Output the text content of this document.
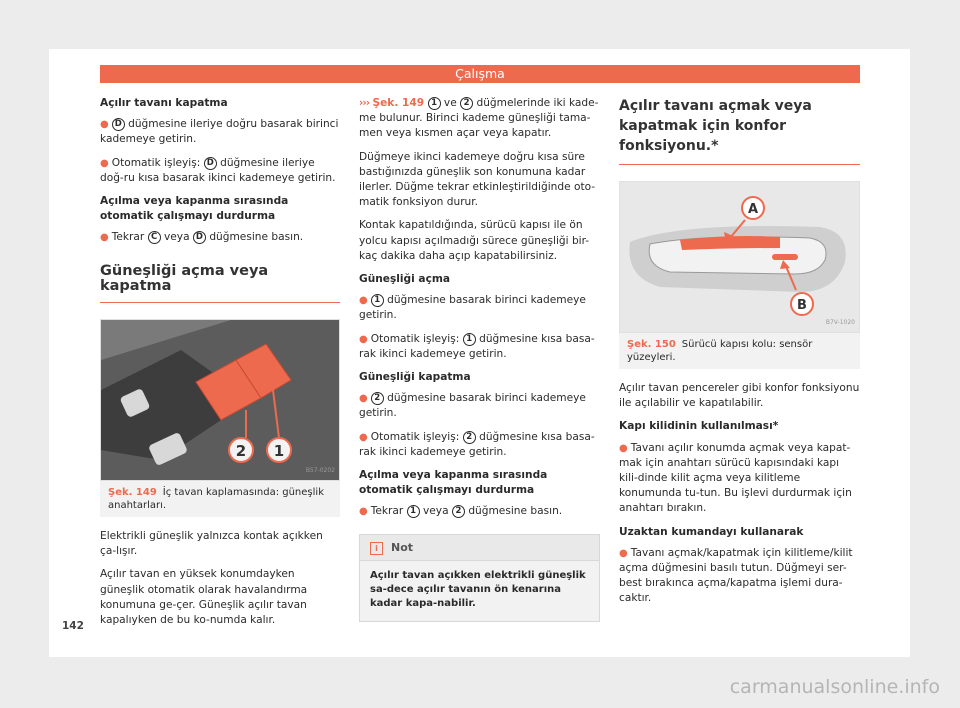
Çalışma

Açılır tavanı kapatma

● D düğmesine ileriye doğru basarak birinci kademeye getirin.

● Otomatik işleyiş: D düğmesine ileriye doğ-ru kısa basarak ikinci kademeye getirin.

Açılma veya kapanma sırasında otomatik çalışmayı durdurma

● Tekrar C veya D düğmesine basın.

Güneşliği açma veya kapatma
2 1
B57-0202
Şek. 149 İç tavan kaplamasında: güneşlik anahtarları.

Elektrikli güneşlik yalnızca kontak açıkken ça-lışır.

Açılır tavan en yüksek konumdayken güneşlik otomatik olarak havalandırma konumuna ge-çer. Güneşlik açılır tavan kapalıyken de bu ko-numda kalır.

››› Şek. 149 1 ve 2 düğmelerinde iki kade-me bulunur. Birinci kademe güneşliği tama-men veya kısmen açar veya kapatır.

Düğmeye ikinci kademeye doğru kısa süre bastığınızda güneşlik son konumuna kadar ilerler. Düğme tekrar etkinleştirildiğinde oto-matik fonksiyon durur.

Kontak kapatıldığında, sürücü kapısı ile ön yolcu kapısı açılmadığı sürece güneşliği bir-kaç dakika daha açıp kapatabilirsiniz.

Güneşliği açma

● 1 düğmesine basarak birinci kademeye getirin.

● Otomatik işleyiş: 1 düğmesine kısa basa-rak ikinci kademeye getirin.

Güneşliği kapatma

● 2 düğmesine basarak birinci kademeye getirin.

● Otomatik işleyiş: 2 düğmesine kısa basa-rak ikinci kademeye getirin.

Açılma veya kapanma sırasında otomatik çalışmayı durdurma

● Tekrar 1 veya 2 düğmesine basın.

i Not
Açılır tavan açıkken elektrikli güneşlik sa-dece açılır tavanın ön kenarına kadar kapa-nabilir.
Açılır tavanı açmak veya kapatmak için konfor fonksiyonu.*
A
B
B7V-1020
Şek. 150 Sürücü kapısı kolu: sensör yüzeyleri.

Açılır tavan pencereler gibi konfor fonksiyonu ile açılabilir ve kapatılabilir.

Kapı kilidinin kullanılması*

● Tavanı açılır konumda açmak veya kapat-mak için anahtarı sürücü kapısındaki kapı kili-dinde kilit açma veya kilitleme konumunda tu-tun. Bu işlevi durdurmak için anahtarı bırakın.

Uzaktan kumandayı kullanarak

● Tavanı açmak/kapatmak için kilitleme/kilit açma düğmesini basılı tutun. Düğmeyi ser-best bırakınca açma/kapatma işlemi dura-caktır.

142
carmanualsonline.info
